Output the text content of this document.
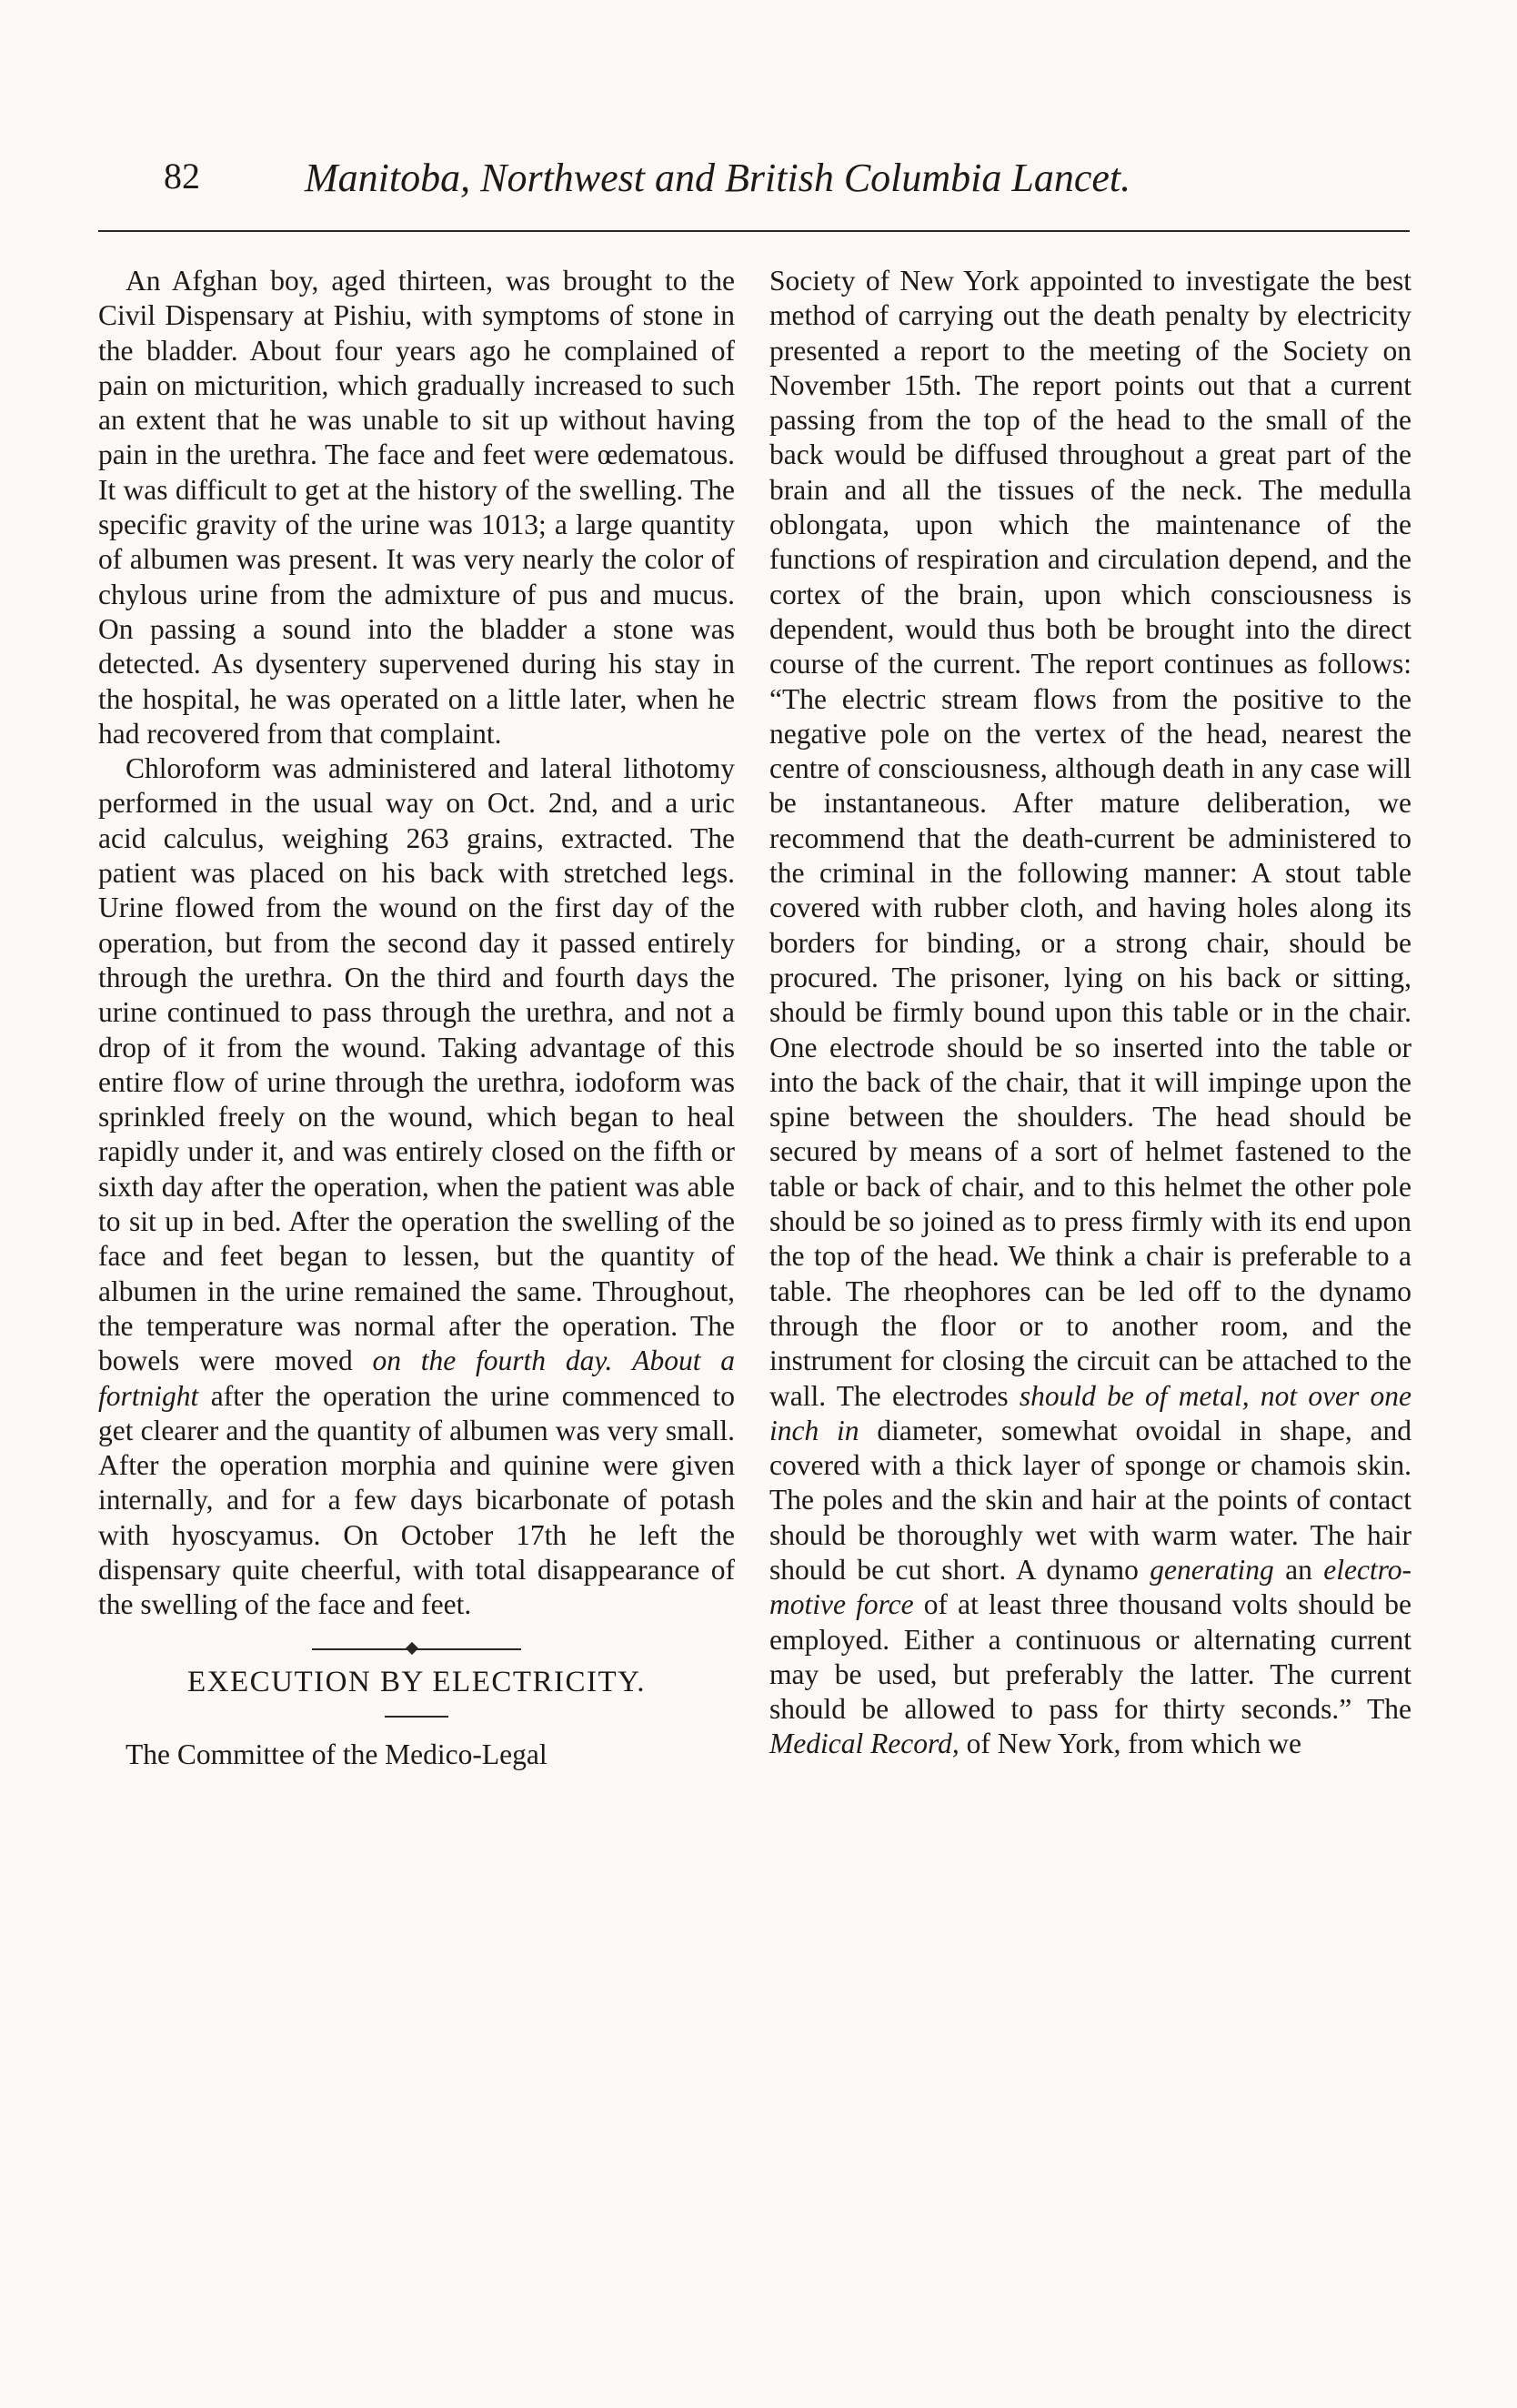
82	Manitoba, Northwest and British Columbia Lancet.

An Afghan boy, aged thirteen, was brought to the Civil Dispensary at Pishiu, with symptoms of stone in the bladder. About four years ago he complained of pain on micturition, which gradually increased to such an extent that he was unable to sit up without having pain in the urethra. The face and feet were œdematous. It was difficult to get at the history of the swelling. The specific gravity of the urine was 1013; a large quantity of albumen was present. It was very nearly the color of chylous urine from the admixture of pus and mucus. On passing a sound into the bladder a stone was detected. As dysentery supervened during his stay in the hospital, he was operated on a little later, when he had recovered from that complaint.

Chloroform was administered and lateral lithotomy performed in the usual way on Oct. 2nd, and a uric acid calculus, weighing 263 grains, extracted. The patient was placed on his back with stretched legs. Urine flowed from the wound on the first day of the operation, but from the second day it passed entirely through the urethra. On the third and fourth days the urine continued to pass through the urethra, and not a drop of it from the wound. Taking advantage of this entire flow of urine through the urethra, iodoform was sprinkled freely on the wound, which began to heal rapidly under it, and was entirely closed on the fifth or sixth day after the operation, when the patient was able to sit up in bed. After the operation the swelling of the face and feet began to lessen, but the quantity of albumen in the urine remained the same. Throughout, the temperature was normal after the operation. The bowels were moved on the fourth day. About a fortnight after the operation the urine commenced to get clearer and the quantity of albumen was very small. After the operation morphia and quinine were given internally, and for a few days bicarbonate of potash with hyoscyamus. On October 17th he left the dispensary quite cheerful, with total disappearance of the swelling of the face and feet.

EXECUTION BY ELECTRICITY.

The Committee of the Medico-Legal

Society of New York appointed to investigate the best method of carrying out the death penalty by electricity presented a report to the meeting of the Society on November 15th. The report points out that a current passing from the top of the head to the small of the back would be diffused throughout a great part of the brain and all the tissues of the neck. The medulla oblongata, upon which the maintenance of the functions of respiration and circulation depend, and the cortex of the brain, upon which consciousness is dependent, would thus both be brought into the direct course of the current. The report continues as follows: “The electric stream flows from the positive to the negative pole on the vertex of the head, nearest the centre of consciousness, although death in any case will be instantaneous. After mature deliberation, we recommend that the death-current be administered to the criminal in the following manner: A stout table covered with rubber cloth, and having holes along its borders for binding, or a strong chair, should be procured. The prisoner, lying on his back or sitting, should be firmly bound upon this table or in the chair. One electrode should be so inserted into the table or into the back of the chair, that it will impinge upon the spine between the shoulders. The head should be secured by means of a sort of helmet fastened to the table or back of chair, and to this helmet the other pole should be so joined as to press firmly with its end upon the top of the head. We think a chair is preferable to a table. The rheophores can be led off to the dynamo through the floor or to another room, and the instrument for closing the circuit can be attached to the wall. The electrodes should be of metal, not over one inch in diameter, somewhat ovoidal in shape, and covered with a thick layer of sponge or chamois skin. The poles and the skin and hair at the points of contact should be thoroughly wet with warm water. The hair should be cut short. A dynamo generating an electro-motive force of at least three thousand volts should be employed. Either a continuous or alternating current may be used, but preferably the latter. The current should be allowed to pass for thirty seconds.” The Medical Record, of New York, from which we
